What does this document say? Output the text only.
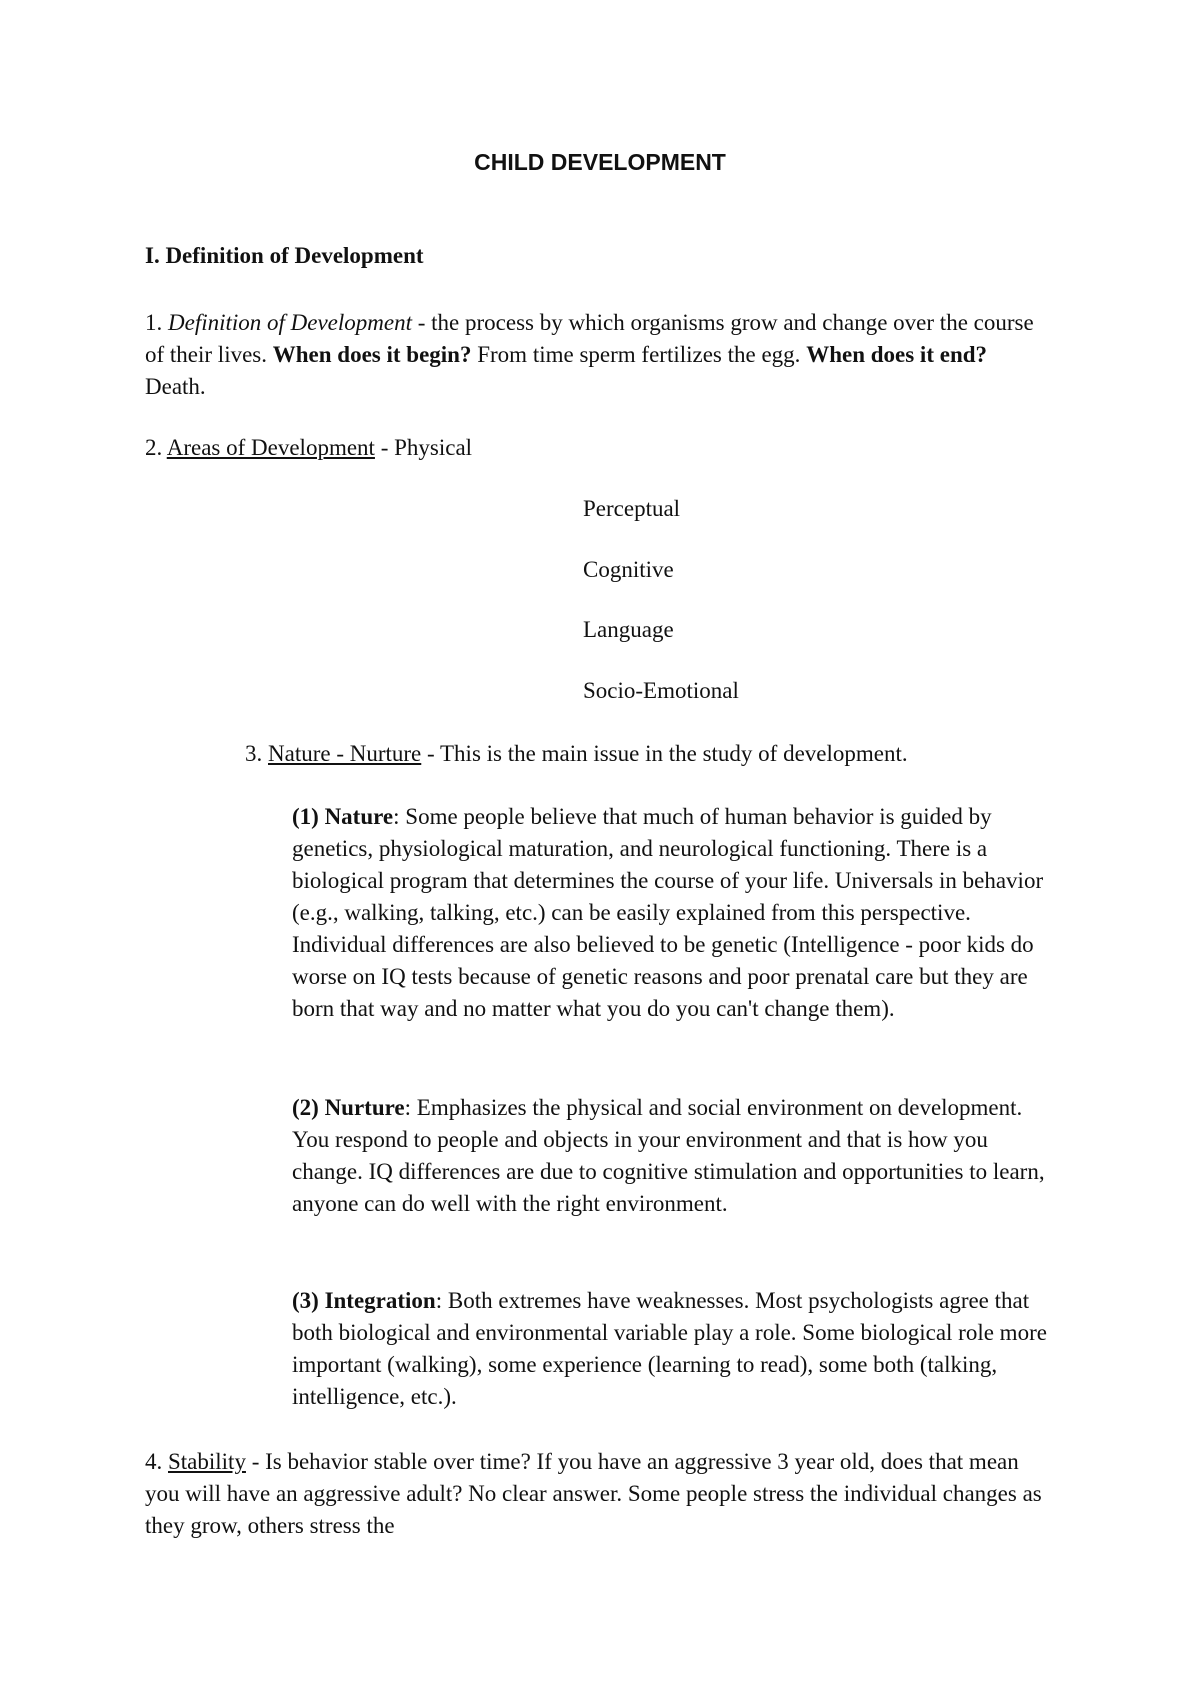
CHILD DEVELOPMENT
I. Definition of Development

1. Definition of Development - the process by which organisms grow and change over the course of their lives. When does it begin? From time sperm fertilizes the egg. When does it end? Death.

2. Areas of Development - Physical

Perceptual
Cognitive
Language
Socio-Emotional

3. Nature - Nurture - This is the main issue in the study of development.

(1) Nature: Some people believe that much of human behavior is guided by genetics, physiological maturation, and neurological functioning. There is a biological program that determines the course of your life. Universals in behavior (e.g., walking, talking, etc.) can be easily explained from this perspective. Individual differences are also believed to be genetic (Intelligence - poor kids do worse on IQ tests because of genetic reasons and poor prenatal care but they are born that way and no matter what you do you can't change them).

(2) Nurture: Emphasizes the physical and social environment on development. You respond to people and objects in your environment and that is how you change. IQ differences are due to cognitive stimulation and opportunities to learn, anyone can do well with the right environment.

(3) Integration: Both extremes have weaknesses. Most psychologists agree that both biological and environmental variable play a role. Some biological role more important (walking), some experience (learning to read), some both (talking, intelligence, etc.).

4. Stability - Is behavior stable over time? If you have an aggressive 3 year old, does that mean you will have an aggressive adult? No clear answer. Some people stress the individual changes as they grow, others stress the
